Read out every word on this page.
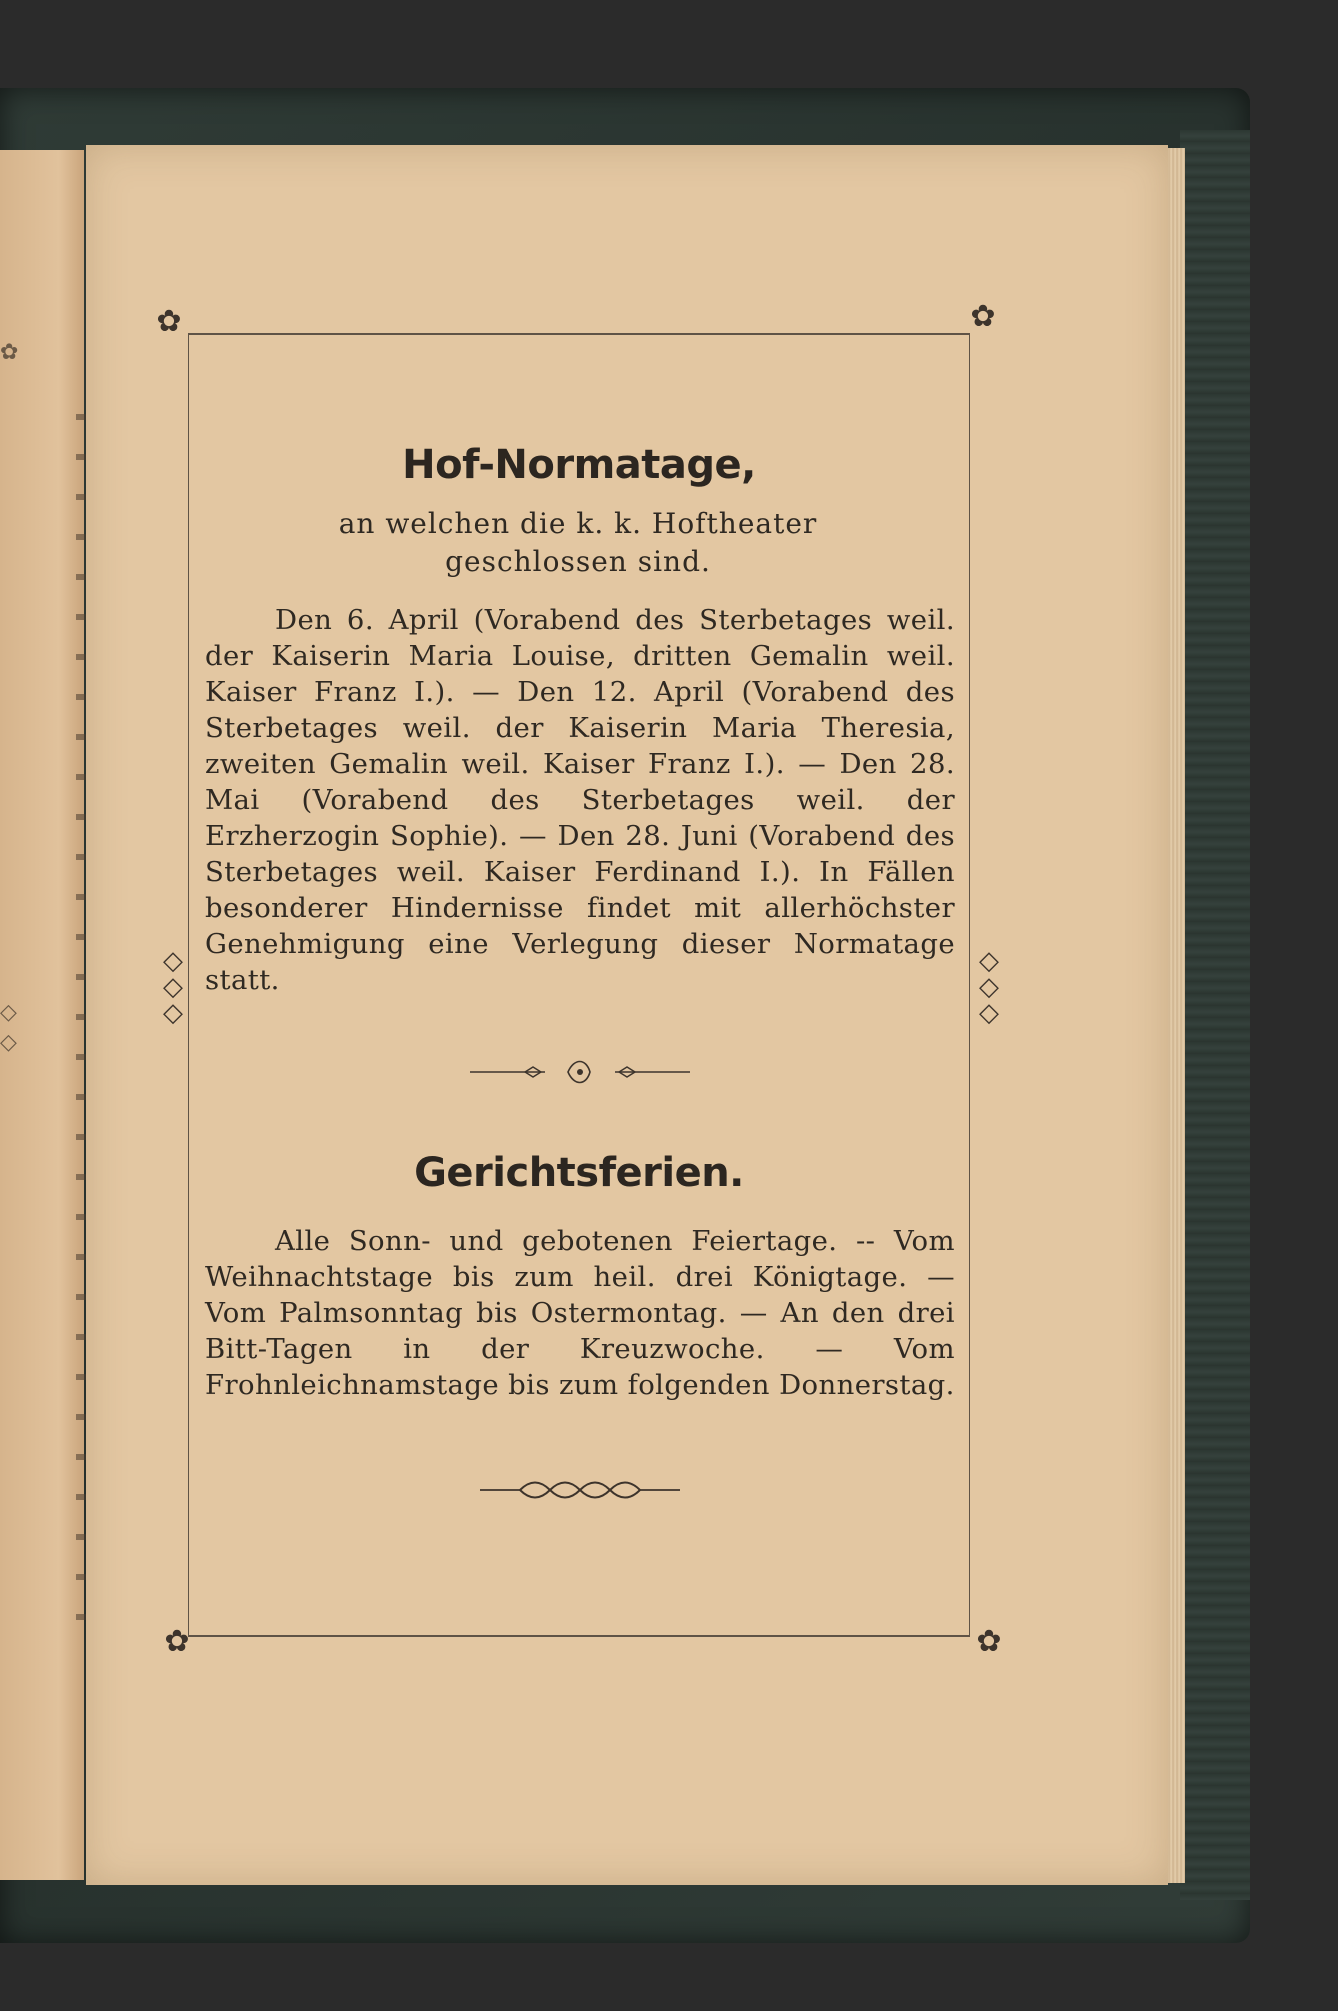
✿
◇
◇
✿	✿
✿	✿
◇
◇
◇
◇
◇
◇
Hof-Normatage,
an welchen die k. k. Hoftheater geschlossen sind.
Den 6. April (Vorabend des Sterbetages weil. der Kaiserin Maria Louise, dritten Gemalin weil. Kaiser Franz I.). — Den 12. April (Vorabend des Sterbetages weil. der Kaiserin Maria Theresia, zweiten Gemalin weil. Kaiser Franz I.). — Den 28. Mai (Vorabend des Sterbetages weil. der Erzherzogin Sophie). — Den 28. Juni (Vorabend des Sterbetages weil. Kaiser Ferdinand I.). In Fällen besonderer Hindernisse findet mit allerhöchster Genehmigung eine Verlegung dieser Normatage statt.
Gerichtsferien.
Alle Sonn- und gebotenen Feiertage. -- Vom Weihnachtstage bis zum heil. drei Königtage. — Vom Palmsonntag bis Ostermontag. — An den drei Bitt-Tagen in der Kreuzwoche. — Vom Frohnleichnamstage bis zum folgenden Donnerstag.
